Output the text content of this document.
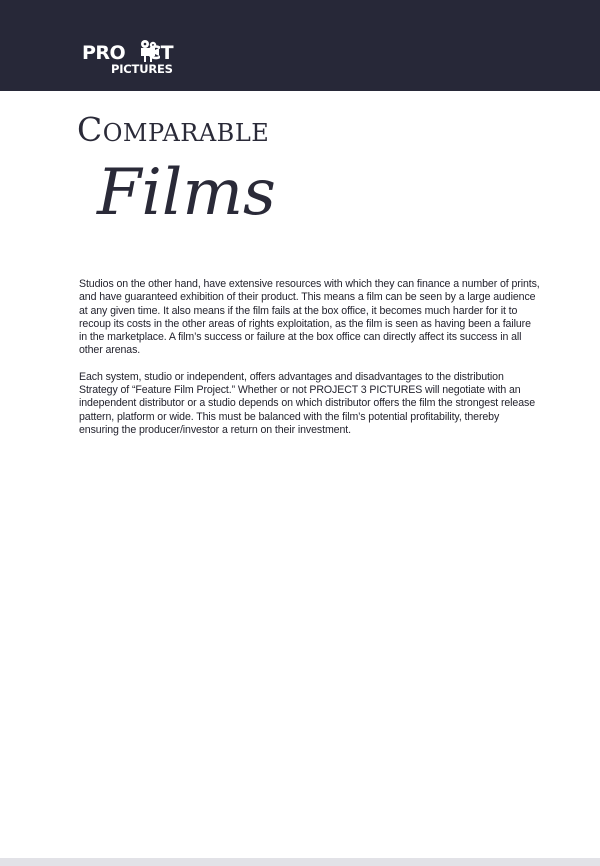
PRO CT
PICTURES
COMPARABLE
Films

Studios on the other hand, have extensive resources with which they can finance a number of prints, and have guaranteed exhibition of their product. This means a film can be seen by a large audience at any given time. It also means if the film fails at the box office, it becomes much harder for it to recoup its costs in the other areas of rights exploitation, as the film is seen as having been a failure in the marketplace. A film’s success or failure at the box office can directly affect its success in all other arenas.

Each system, studio or independent, offers advantages and disadvantages to the distribution Strategy of “Feature Film Project.” Whether or not PROJECT 3 PICTURES will negotiate with an independent distributor or a studio depends on which distributor offers the film the strongest release pattern, platform or wide. This must be balanced with the film’s potential profitability, thereby ensuring the producer/investor a return on their investment.
